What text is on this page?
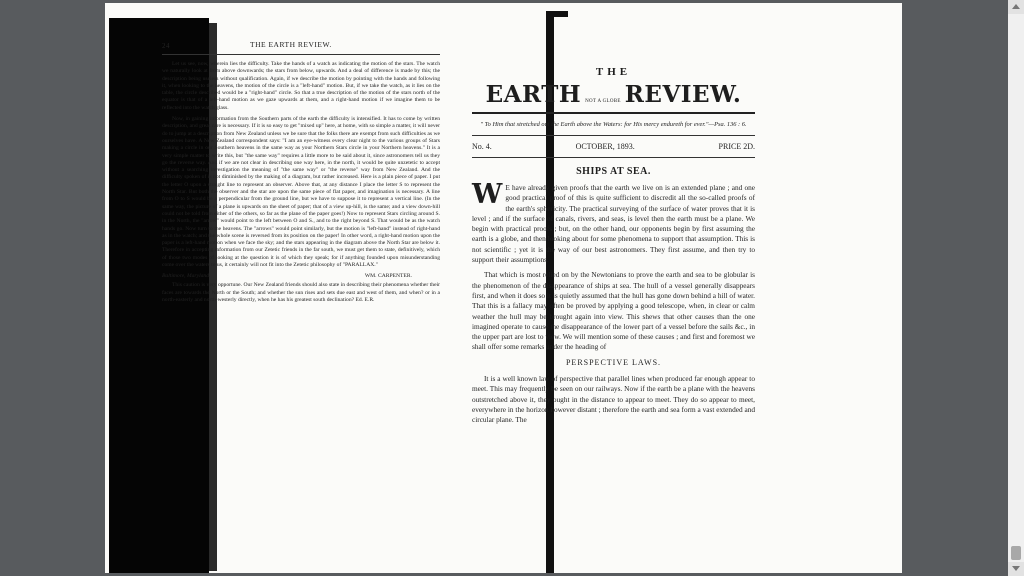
24	THE EARTH REVIEW.

Let us see, now, wherein lies the difficulty. Take the hands of a watch as indicating the motion of the stars. The watch we naturally look at from above downwards; the stars from below, upwards. And a deal of difference is made by this; the description being useless without qualification. Again, if we describe the motion by pointing with the hands and following it, when looking to the heavens, the motion of the circle is a "left-hand" motion. But, if we take the watch, as it lies on the table, the circle described would be a "right-hand" circle. So that a true description of the motion of the stars north of the equator is that of a left-hand motion as we gaze upwards at them, and a right-hand motion if we imagine them to be reflected into the watch glass.

Now, in gaining information from the Southern parts of the earth the difficulty is intensified. It has to come by written description, and great care is necessary. If it is so easy to get "mixed up" here, at home, with so simple a matter, it will never do to jump at a description from New Zealand unless we be sure that the folks there are exempt from such difficulties as we ourselves have. A New Zealand correspondent says: "I am an eye-witness every clear night to the various groups of Stars making a circle in our Southern heavens in the same way as your Northern Stars circle in your Northern heavens." It is a very simple matter to write this, but "the same way" requires a little more to be said about it, since astronomers tell us they go the reverse way. And if we are not clear in describing one way here, in the north, it would be quite unzetetic to accept without a searching investigation the meaning of "the same way" or "the reverse" way from New Zealand. And the difficulty spoken of is not diminished by the making of a diagram, but rather increased. Here is a plain piece of paper. I put the letter O upon a straight line to represent an observer. Above that, at any distance I place the letter S to represent the North Star. But both the observer and the star are upon the same piece of flat paper, and imagination is necessary. A line from O to S would be a perpendicular from the ground line, but we have to suppose it to represent a vertical line. (In the same way, the picture of a plane is upwards on the sheet of paper; that of a view up-hill, is the same; and a view down-hill could not be told from either of the others, so far as the plane of the paper goes!) Now to represent Stars circling around S. in the North, the "arrow" would point to the left between O and S., and to the right beyond S. That would be as the watch hands go. Now turn to the heavens. The "arrows" would point similarly, but the motion is "left-hand" instead of right-hand as in the watch; and the whole scene is reversed from its position on the paper! In other word, a right-hand motion upon the paper is a left-hand motion when we face the sky; and the stars appearing in the diagram above the North Star are below it. Therefore in accepting information from our Zetetic friends in the far south, we must get them to state, definitively, which of those two modes of looking at the question it is of which they speak; for if anything founded upon misunderstanding come over the waters to us, it certainly will not fit into the Zetetic philosophy of "PARALLAX."

Baltimore, Maryland.	WM. CARPENTER.

This caution is very opportune. Our New Zealand friends should also state in describing their phenomena whether their faces are towards the North or the South; and whether the sun rises and sets due east and west of them, and when? or in a north-easterly and north-westerly directly, when he has his greatest south declination? Ed. E.R.

THE
EARTH NOT A GLOBE REVIEW.
" To Him that stretched out the Earth above the Waters: for His mercy endureth for ever."—Psa. 136 : 6.
No. 4.	OCTOBER, 1893.	PRICE 2D.
SHIPS AT SEA.

W E have already given proofs that the earth we live on is an extended plane ; and one good practical proof of this is quite sufficient to discredit all the so-called proofs of the earth's sphericity. The practical surveying of the surface of water proves that it is level ; and if the surface of canals, rivers, and seas, is level then the earth must be a plane. We begin with practical proofs ; but, on the other hand, our opponents begin by first assuming the earth is a globe, and then looking about for some phenomena to support that assumption. This is not scientific ; yet it is the way of our best astronomers. They first assume, and then try to support their assumptions.

That which is most relied on by the Newtonians to prove the earth and sea to be globular is the phenomenon of the disappearance of ships at sea. The hull of a vessel generally disappears first, and when it does so it is quietly assumed that the hull has gone down behind a hill of water. That this is a fallacy may often be proved by applying a good telescope, when, in clear or calm weather the hull may be brought again into view. This shews that other causes than the one imagined operate to cause the disappearance of the lower part of a vessel before the sails &c., in the upper part are lost to view. We will mention some of these causes ; and first and foremost we shall offer some remarks under the heading of

PERSPECTIVE LAWS.

It is a well known law of perspective that parallel lines when produced far enough appear to meet. This may frequently be seen on our railways. Now if the earth be a plane with the heavens outstretched above it, they ought in the distance to appear to meet. They do so appear to meet, everywhere in the horizon however distant ; therefore the earth and sea form a vast extended and circular plane. The
